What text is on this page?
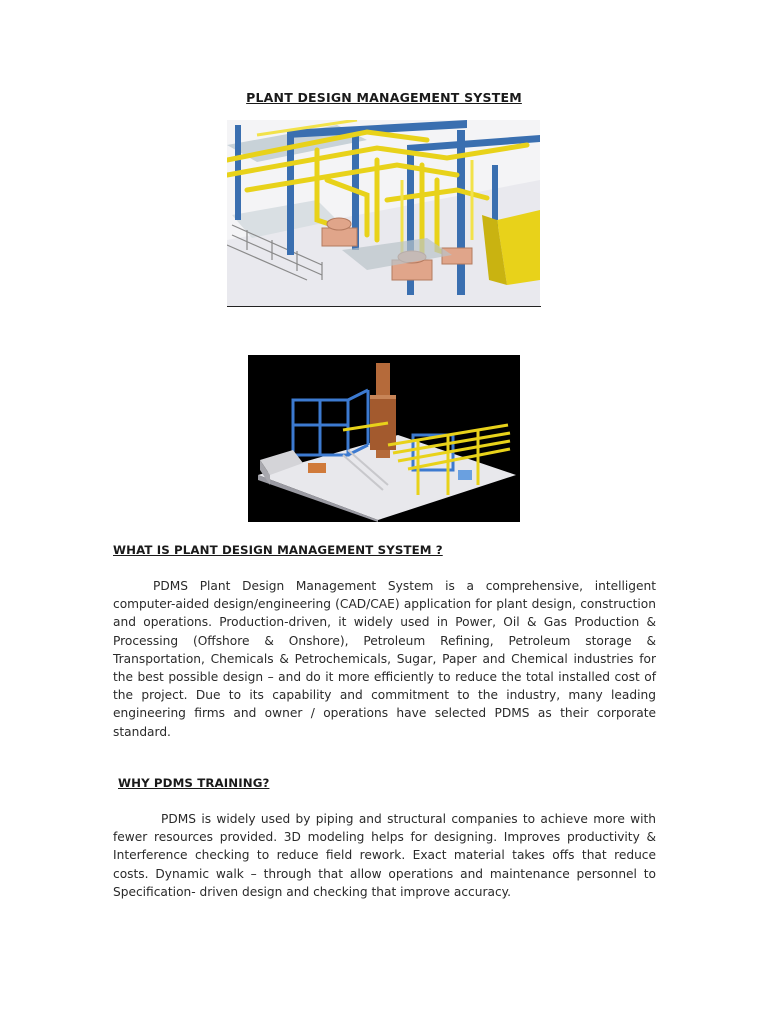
PLANT DESIGN MANAGEMENT SYSTEM
WHAT IS PLANT DESIGN MANAGEMENT SYSTEM ?
PDMS Plant Design Management System is a comprehensive, intelligent computer-aided design/engineering (CAD/CAE) application for plant design, construction and operations. Production-driven, it widely used in Power, Oil & Gas Production & Processing (Offshore & Onshore), Petroleum Refining, Petroleum storage & Transportation, Chemicals & Petrochemicals, Sugar, Paper and Chemical industries for the best possible design – and do it more efficiently to reduce the total installed cost of the project. Due to its capability and commitment to the industry, many leading engineering firms and owner / operations have selected PDMS as their corporate standard.
WHY PDMS TRAINING?
PDMS is widely used by piping and structural companies to achieve more with fewer resources provided. 3D modeling helps for designing. Improves productivity & Interference checking to reduce field rework. Exact material takes offs that reduce costs. Dynamic walk – through that allow operations and maintenance personnel to Specification- driven design and checking that improve accuracy.
